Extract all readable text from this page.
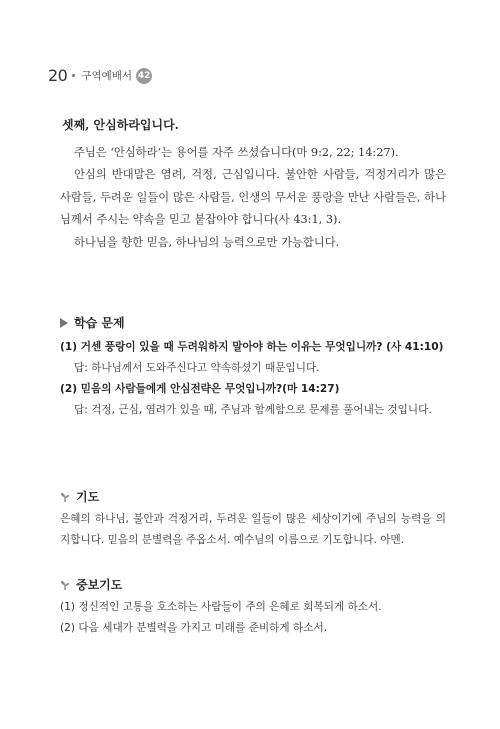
20 구역예배서 42

셋째, 안심하라입니다.

주님은 ‘안심하라’는 용어를 자주 쓰셨습니다(마 9:2, 22; 14:27).

안심의 반대말은 염려, 걱정, 근심입니다. 불안한 사람들, 걱정거리가 많은 사람들, 두려운 일들이 많은 사람들, 인생의 무서운 풍랑을 만난 사람들은, 하나님께서 주시는 약속을 믿고 붙잡아야 합니다(사 43:1, 3).

하나님을 향한 믿음, 하나님의 능력으로만 가능합니다.

학습 문제

(1) 거센 풍랑이 있을 때 두려워하지 말아야 하는 이유는 무엇입니까? (사 41:10)

답: 하나님께서 도와주신다고 약속하셨기 때문입니다.

(2) 믿음의 사람들에게 안심전략은 무엇입니까?(마 14:27)

답: 걱정, 근심, 염려가 있을 때, 주님과 함께함으로 문제를 풀어내는 것입니다.

기도

은혜의 하나님, 불안과 걱정거리, 두려운 일들이 많은 세상이기에 주님의 능력을 의지합니다. 믿음의 분별력을 주옵소서. 예수님의 이름으로 기도합니다. 아멘.

중보기도

(1) 정신적인 고통을 호소하는 사람들이 주의 은혜로 회복되게 하소서.

(2) 다음 세대가 분별력을 가지고 미래를 준비하게 하소서.
